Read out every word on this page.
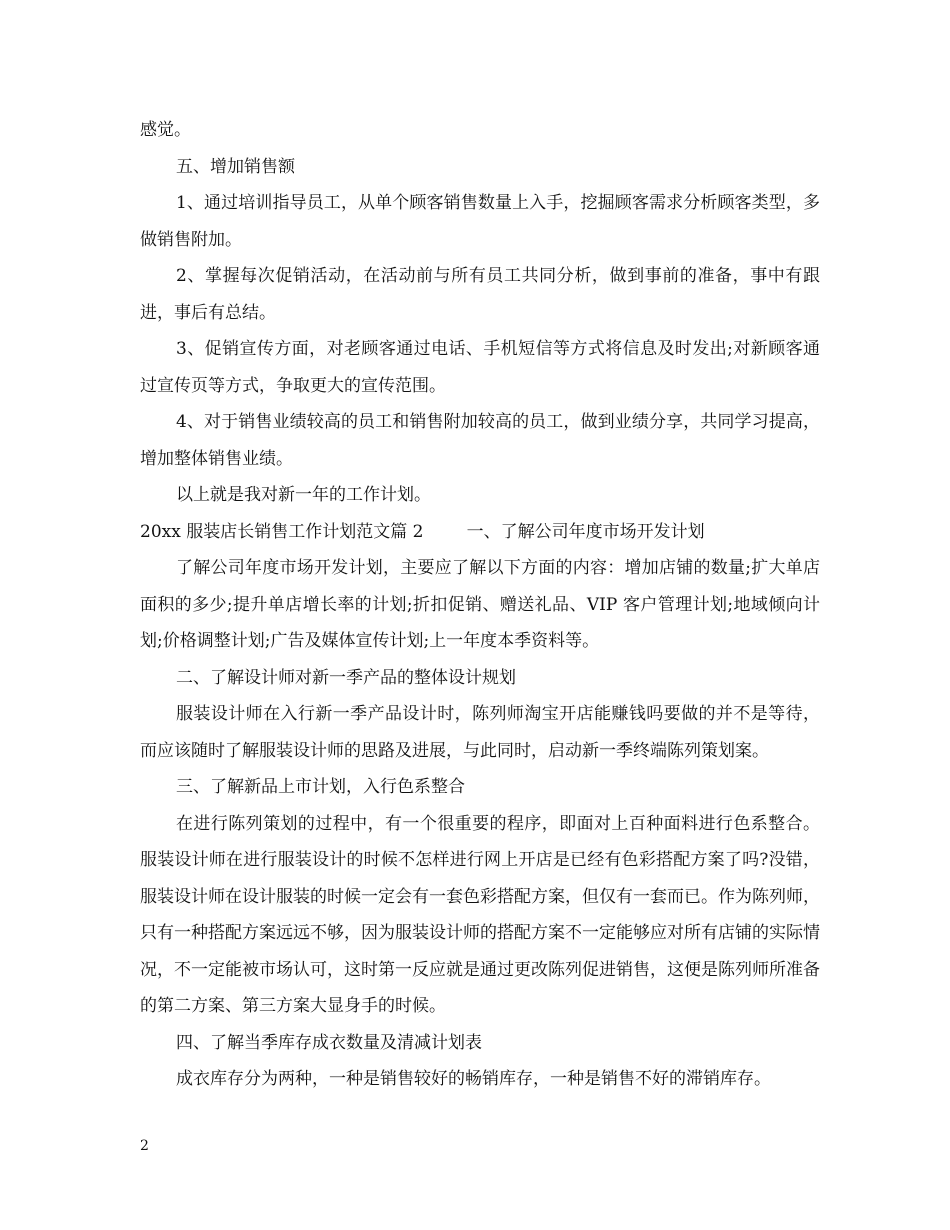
感觉。

五、增加销售额

1、通过培训指导员工，从单个顾客销售数量上入手，挖掘顾客需求分析顾客类型，多做销售附加。

2、掌握每次促销活动，在活动前与所有员工共同分析，做到事前的准备，事中有跟进，事后有总结。

3、促销宣传方面，对老顾客通过电话、手机短信等方式将信息及时发出;对新顾客通过宣传页等方式，争取更大的宣传范围。

4、对于销售业绩较高的员工和销售附加较高的员工，做到业绩分享，共同学习提高，增加整体销售业绩。

以上就是我对新一年的工作计划。

20xx 服装店长销售工作计划范文篇 2        一、了解公司年度市场开发计划

了解公司年度市场开发计划，主要应了解以下方面的内容：增加店铺的数量;扩大单店面积的多少;提升单店增长率的计划;折扣促销、赠送礼品、VIP 客户管理计划;地域倾向计划;价格调整计划;广告及媒体宣传计划;上一年度本季资料等。

二、了解设计师对新一季产品的整体设计规划

服装设计师在入行新一季产品设计时，陈列师淘宝开店能赚钱吗要做的并不是等待，而应该随时了解服装设计师的思路及进展，与此同时，启动新一季终端陈列策划案。

三、了解新品上市计划，入行色系整合

在进行陈列策划的过程中，有一个很重要的程序，即面对上百种面料进行色系整合。服装设计师在进行服装设计的时候不怎样进行网上开店是已经有色彩搭配方案了吗?没错，服装设计师在设计服装的时候一定会有一套色彩搭配方案，但仅有一套而已。作为陈列师，只有一种搭配方案远远不够，因为服装设计师的搭配方案不一定能够应对所有店铺的实际情况，不一定能被市场认可，这时第一反应就是通过更改陈列促进销售，这便是陈列师所准备的第二方案、第三方案大显身手的时候。

四、了解当季库存成衣数量及清减计划表

成衣库存分为两种，一种是销售较好的畅销库存，一种是销售不好的滞销库存。

2
